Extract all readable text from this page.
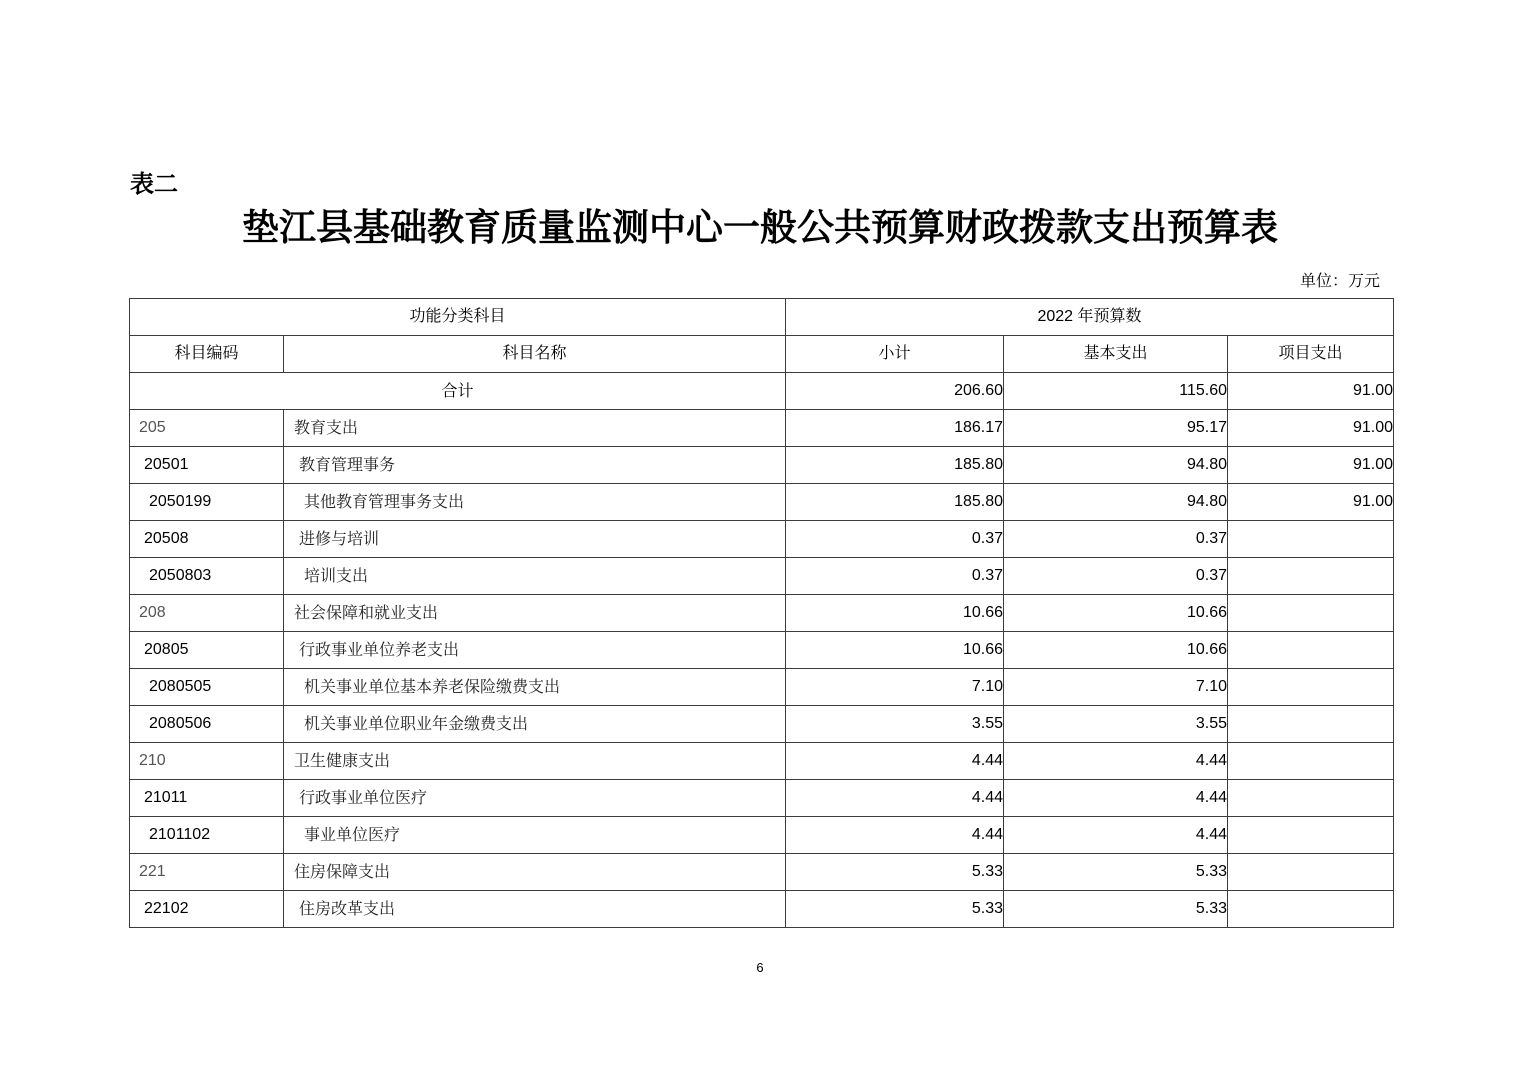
表二
垫江县基础教育质量监测中心一般公共预算财政拨款支出预算表
单位：万元
功能分类科目		2022 年预算数		
科目编码	科目名称	小计	基本支出	项目支出
合计		206.60	115.60	91.00
205	教育支出	186.17	95.17	91.00
20501	教育管理事务	185.80	94.80	91.00
2050199	其他教育管理事务支出	185.80	94.80	91.00
20508	进修与培训	0.37	0.37	
2050803	培训支出	0.37	0.37	
208	社会保障和就业支出	10.66	10.66	
20805	行政事业单位养老支出	10.66	10.66	
2080505	机关事业单位基本养老保险缴费支出	7.10	7.10	
2080506	机关事业单位职业年金缴费支出	3.55	3.55	
210	卫生健康支出	4.44	4.44	
21011	行政事业单位医疗	4.44	4.44	
2101102	事业单位医疗	4.44	4.44	
221	住房保障支出	5.33	5.33	
22102	住房改革支出	5.33	5.33	
6
